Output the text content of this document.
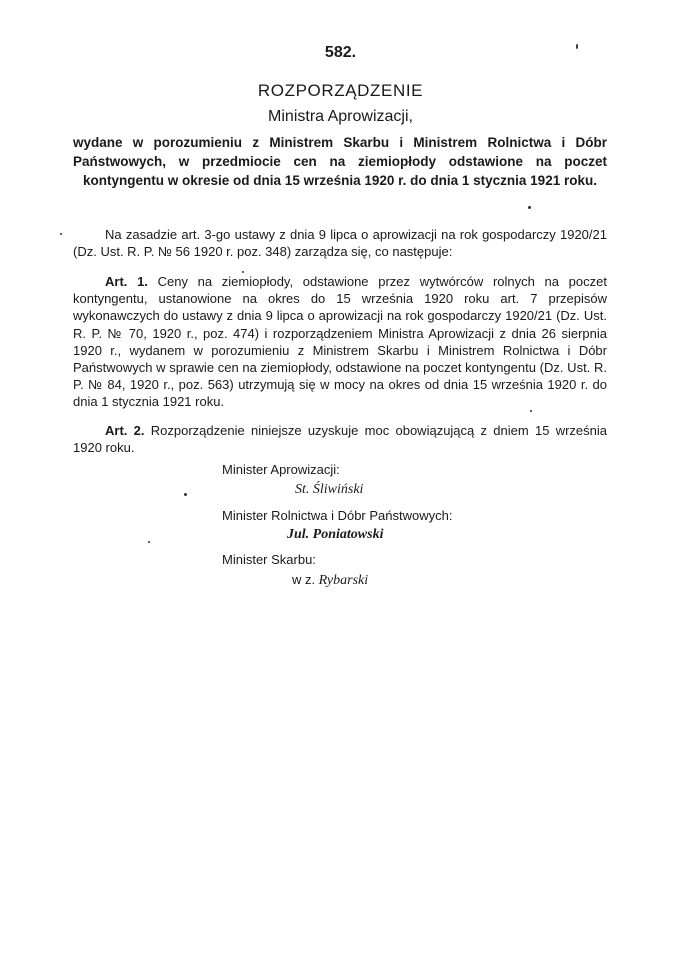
582.
ROZPORZĄDZENIE
Ministra Aprowizacji,
wydane w porozumieniu z Ministrem Skarbu i Ministrem Rolnictwa i Dóbr Państwowych, w przedmiocie cen na ziemiopłody odstawione na poczet kontyngentu w okresie od dnia 15 września 1920 r. do dnia 1 stycznia 1921 roku.
Na zasadzie art. 3-go ustawy z dnia 9 lipca o aprowizacji na rok gospodarczy 1920/21 (Dz. Ust. R. P. № 56 1920 r. poz. 348) zarządza się, co następuje:
Art. 1. Ceny na ziemiopłody, odstawione przez wytwórców rolnych na poczet kontyngentu, ustanowione na okres do 15 września 1920 roku art. 7 przepisów wykonawczych do ustawy z dnia 9 lipca o aprowizacji na rok gospodarczy 1920/21 (Dz. Ust. R. P. № 70, 1920 r., poz. 474) i rozporządzeniem Ministra Aprowizacji z dnia 26 sierpnia 1920 r., wydanem w porozumieniu z Ministrem Skarbu i Ministrem Rolnictwa i Dóbr Państwowych w sprawie cen na ziemiopłody, odstawione na poczet kontyngentu (Dz. Ust. R. P. № 84, 1920 r., poz. 563) utrzymują się w mocy na okres od dnia 15 września 1920 r. do dnia 1 stycznia 1921 roku.
Art. 2. Rozporządzenie niniejsze uzyskuje moc obowiązującą z dniem 15 września 1920 roku.
Minister Aprowizacji:
St. Śliwiński
Minister Rolnictwa i Dóbr Państwowych:
Jul. Poniatowski
Minister Skarbu:
w z. Rybarski
